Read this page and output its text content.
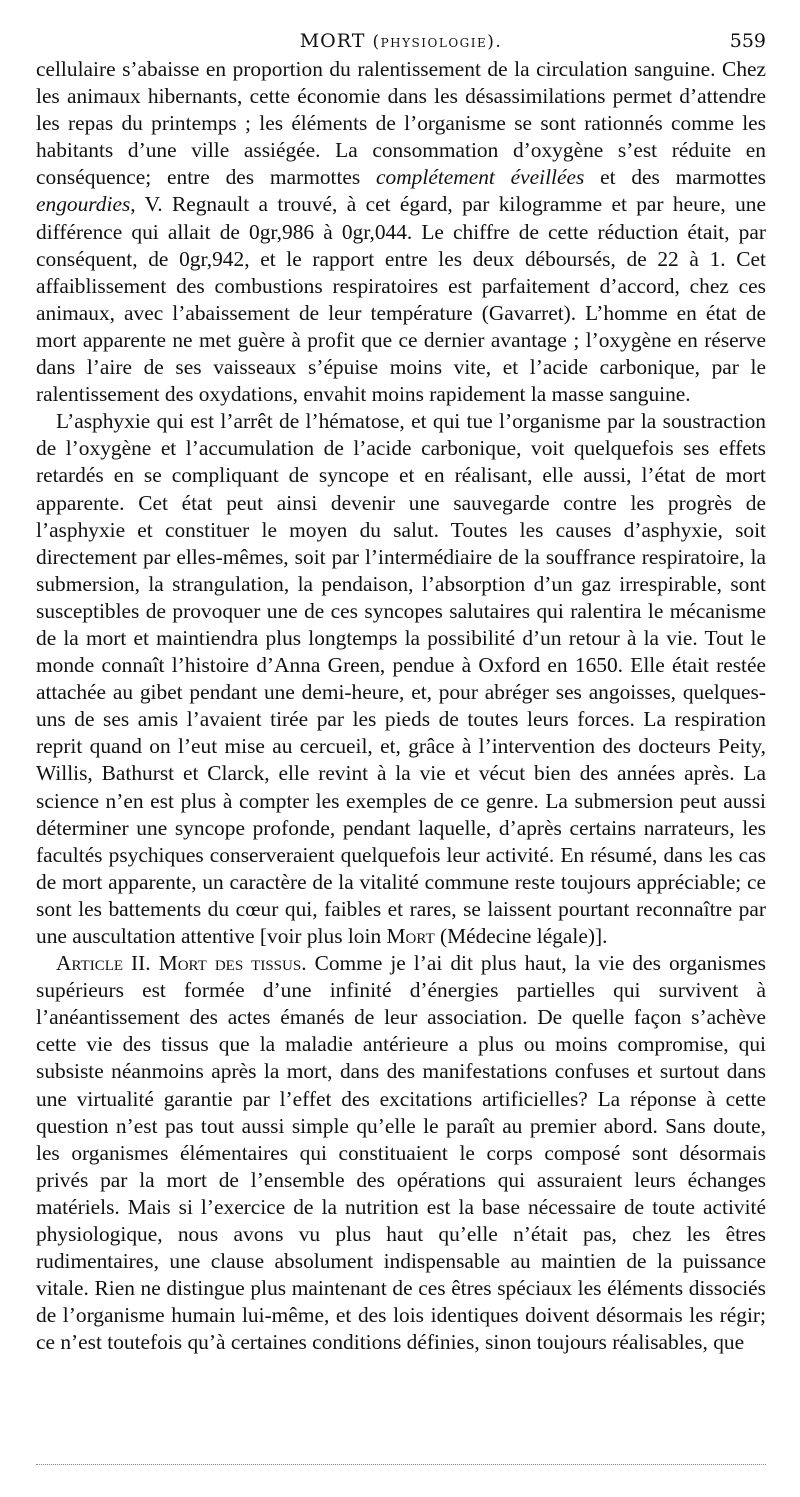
MORT (physiologie).	559

cellulaire s’abaisse en proportion du ralentissement de la circulation sanguine. Chez les animaux hibernants, cette économie dans les désassimilations permet d’attendre les repas du printemps ; les éléments de l’organisme se sont rationnés comme les habitants d’une ville assiégée. La consommation d’oxygène s’est réduite en conséquence; entre des marmottes complétement éveillées et des marmottes engourdies, V. Regnault a trouvé, à cet égard, par kilogramme et par heure, une différence qui allait de 0gr,986 à 0gr,044. Le chiffre de cette réduction était, par conséquent, de 0gr,942, et le rapport entre les deux déboursés, de 22 à 1. Cet affaiblissement des combustions respiratoires est parfaitement d’accord, chez ces animaux, avec l’abaissement de leur température (Gavarret). L’homme en état de mort apparente ne met guère à profit que ce dernier avantage ; l’oxygène en réserve dans l’aire de ses vaisseaux s’épuise moins vite, et l’acide carbonique, par le ralentissement des oxydations, envahit moins rapidement la masse sanguine.

L’asphyxie qui est l’arrêt de l’hématose, et qui tue l’organisme par la soustraction de l’oxygène et l’accumulation de l’acide carbonique, voit quelquefois ses effets retardés en se compliquant de syncope et en réalisant, elle aussi, l’état de mort apparente. Cet état peut ainsi devenir une sauvegarde contre les progrès de l’asphyxie et constituer le moyen du salut. Toutes les causes d’asphyxie, soit directement par elles-mêmes, soit par l’intermédiaire de la souffrance respiratoire, la submersion, la strangulation, la pendaison, l’absorption d’un gaz irrespirable, sont susceptibles de provoquer une de ces syncopes salutaires qui ralentira le mécanisme de la mort et maintiendra plus longtemps la possibilité d’un retour à la vie. Tout le monde connaît l’histoire d’Anna Green, pendue à Oxford en 1650. Elle était restée attachée au gibet pendant une demi-heure, et, pour abréger ses angoisses, quelques-uns de ses amis l’avaient tirée par les pieds de toutes leurs forces. La respiration reprit quand on l’eut mise au cercueil, et, grâce à l’intervention des docteurs Peity, Willis, Bathurst et Clarck, elle revint à la vie et vécut bien des années après. La science n’en est plus à compter les exemples de ce genre. La submersion peut aussi déterminer une syncope profonde, pendant laquelle, d’après certains narrateurs, les facultés psychiques conserveraient quelquefois leur activité. En résumé, dans les cas de mort apparente, un caractère de la vitalité commune reste toujours appréciable; ce sont les battements du cœur qui, faibles et rares, se laissent pourtant reconnaître par une auscultation attentive [voir plus loin Mort (Médecine légale)].

Article II. Mort des tissus. Comme je l’ai dit plus haut, la vie des organismes supérieurs est formée d’une infinité d’énergies partielles qui survivent à l’anéantissement des actes émanés de leur association. De quelle façon s’achève cette vie des tissus que la maladie antérieure a plus ou moins compromise, qui subsiste néanmoins après la mort, dans des manifestations confuses et surtout dans une virtualité garantie par l’effet des excitations artificielles? La réponse à cette question n’est pas tout aussi simple qu’elle le paraît au premier abord. Sans doute, les organismes élémentaires qui constituaient le corps composé sont désormais privés par la mort de l’ensemble des opérations qui assuraient leurs échanges matériels. Mais si l’exercice de la nutrition est la base nécessaire de toute activité physiologique, nous avons vu plus haut qu’elle n’était pas, chez les êtres rudimentaires, une clause absolument indispensable au maintien de la puissance vitale. Rien ne distingue plus maintenant de ces êtres spéciaux les éléments dissociés de l’organisme humain lui-même, et des lois identiques doivent désormais les régir; ce n’est toutefois qu’à certaines conditions définies, sinon toujours réalisables, que
